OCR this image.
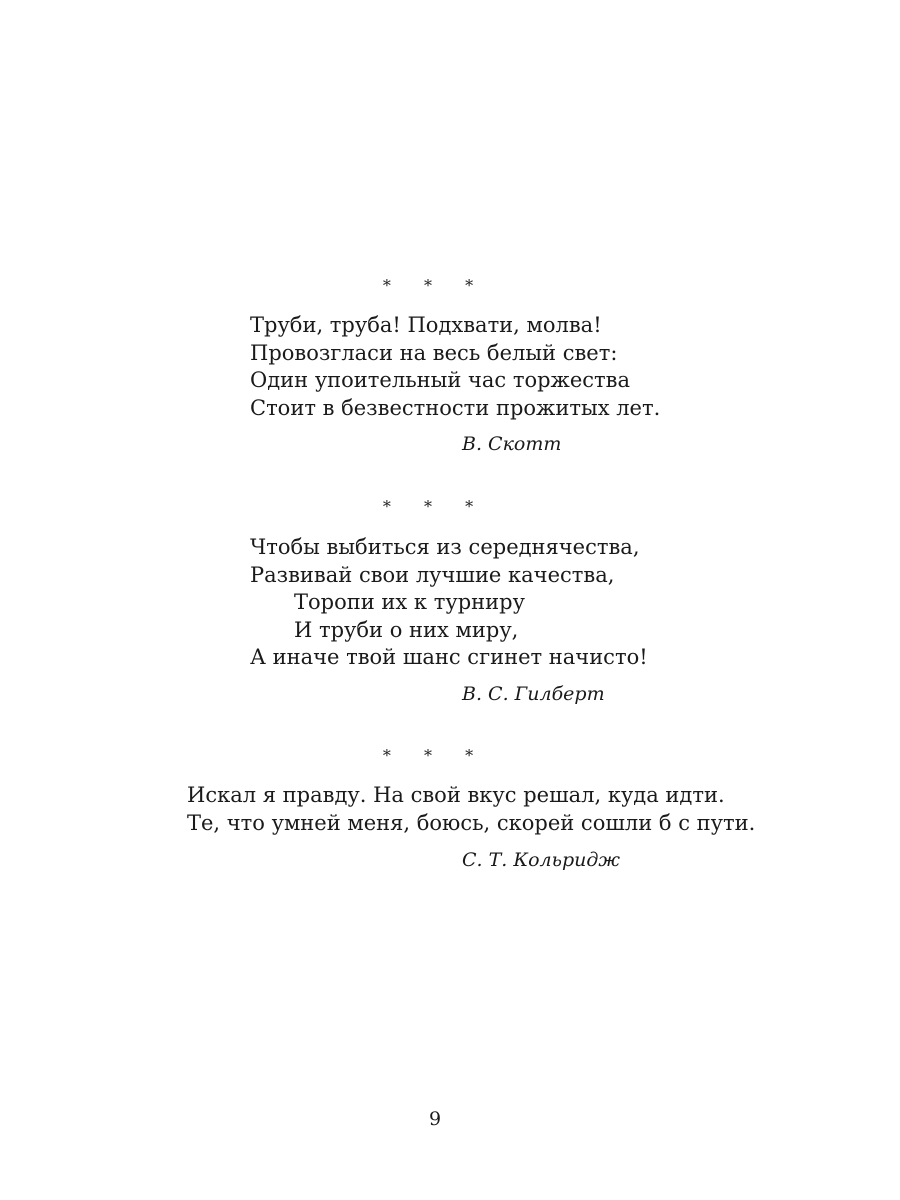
* * *
Труби, труба! Подхвати, молва!
Провозгласи на весь белый свет:
Один упоительный час торжества
Стоит в безвестности прожитых лет.
В. Скотт
* * *
Чтобы выбиться из середнячества,
Развивай свои лучшие качества,
Торопи их к турниру
И труби о них миру,
А иначе твой шанс сгинет начисто!
В. С. Гилберт
* * *
Искал я правду. На свой вкус решал, куда идти.
Те, что умней меня, боюсь, скорей сошли б с пути.
С. Т. Кольридж
9
